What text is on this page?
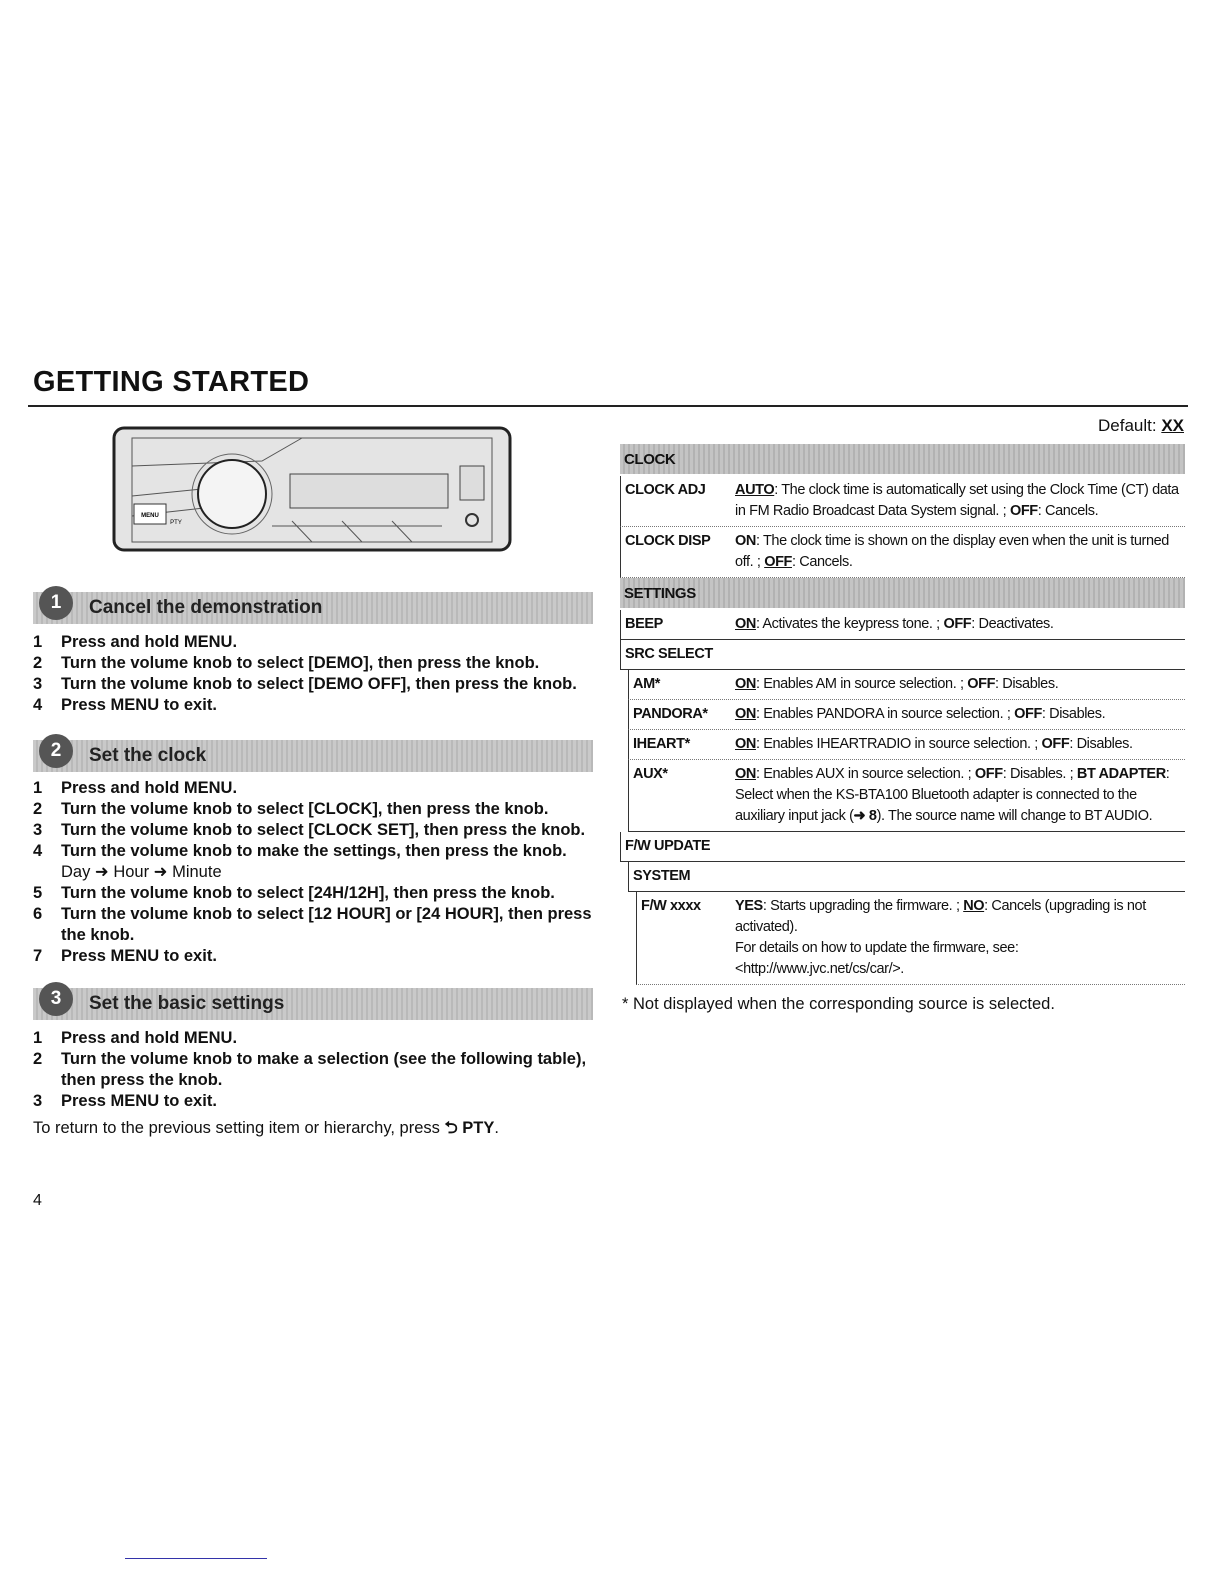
GETTING STARTED
MENU
PTY
1	Cancel the demonstration
1	Press and hold MENU.
2	Turn the volume knob to select [DEMO], then press the knob.
3	Turn the volume knob to select [DEMO OFF], then press the knob.
4	Press MENU to exit.
2	Set the clock
1	Press and hold MENU.
2	Turn the volume knob to select [CLOCK], then press the knob.
3	Turn the volume knob to select [CLOCK SET], then press the knob.
4	Turn the volume knob to make the settings, then press the knob.
Day ➜ Hour ➜ Minute
5	Turn the volume knob to select [24H/12H], then press the knob.
6	Turn the volume knob to select [12 HOUR] or [24 HOUR], then press the knob.
7	Press MENU to exit.
3	Set the basic settings
1	Press and hold MENU.
2	Turn the volume knob to make a selection (see the following table), then press the knob.
3	Press MENU to exit.
To return to the previous setting item or hierarchy, press ⮌ PTY.
Default: XX
CLOCK
CLOCK ADJ	AUTO: The clock time is automatically set using the Clock Time (CT) data in FM Radio Broadcast Data System signal. ; OFF: Cancels.
CLOCK DISP	ON: The clock time is shown on the display even when the unit is turned off. ; OFF: Cancels.
SETTINGS
BEEP	ON: Activates the keypress tone. ; OFF: Deactivates.
SRC SELECT

AM*	ON: Enables AM in source selection. ; OFF: Disables.
PANDORA*	ON: Enables PANDORA in source selection. ; OFF: Disables.
IHEART*	ON: Enables IHEARTRADIO in source selection. ; OFF: Disables.
AUX*	ON: Enables AUX in source selection. ; OFF: Disables. ; BT ADAPTER: Select when the KS-BTA100 Bluetooth adapter is connected to the auxiliary input jack (➜ 8). The source name will change to BT AUDIO.
F/W UPDATE

SYSTEM

F/W xxxx	YES: Starts upgrading the firmware. ; NO: Cancels (upgrading is not activated).
For details on how to update the firmware, see: <http://www.jvc.net/cs/car/>.
* Not displayed when the corresponding source is selected.
4
